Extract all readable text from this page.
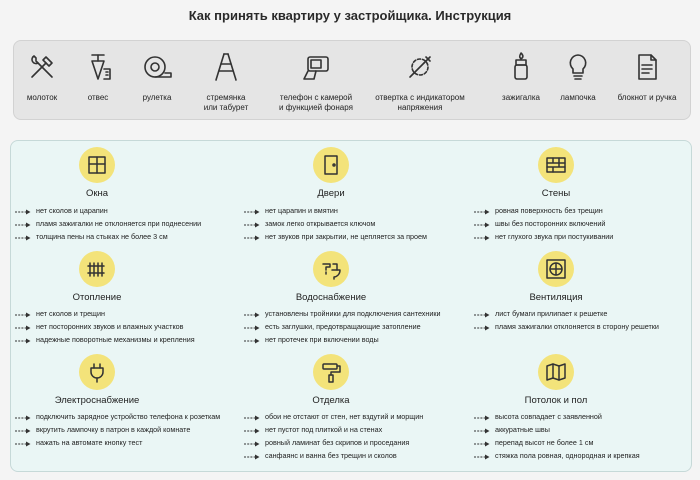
Как принять квартиру у застройщика. Инструкция
молоток	отвес	рулетка	стремянка
или табурет
телефон с камерой
и функцией фонаря
отвертка с индикатором
напряжения
зажигалка	лампочка	блокнот и ручка
Окна	Двери	Стены
Отопление	Водоснабжение	Вентиляция
Электроснабжение	Отделка	Потолок и пол
нет сколов и царапин
пламя зажигалки не отклоняется при поднесении
толщина пены на стыках не более 3 см
нет царапин и вмятин
замок легко открывается ключом
нет звуков при закрытии, не цепляется за проем
ровная поверхность без трещин
швы без посторонних включений
нет глухого звука при постукивании
нет сколов и трещин
нет посторонних звуков и влажных участков
надежные поворотные механизмы и крепления
установлены тройники для подключения сантехники
есть заглушки, предотвращающие затопление
нет протечек при включении воды
лист бумаги прилипает к решетке
пламя зажигалки отклоняется в сторону решетки
подключить зарядное устройство телефона к розеткам
вкрутить лампочку в патрон в каждой комнате
нажать на автомате кнопку тест
обои не отстают от стен, нет вздутий и морщин
нет пустот под плиткой и на стенах
ровный ламинат без скрипов и проседания
санфаянс и ванна без трещин и сколов
высота совпадает с заявленной
аккуратные швы
перепад высот не более 1 см
стяжка пола ровная, однородная и крепкая
